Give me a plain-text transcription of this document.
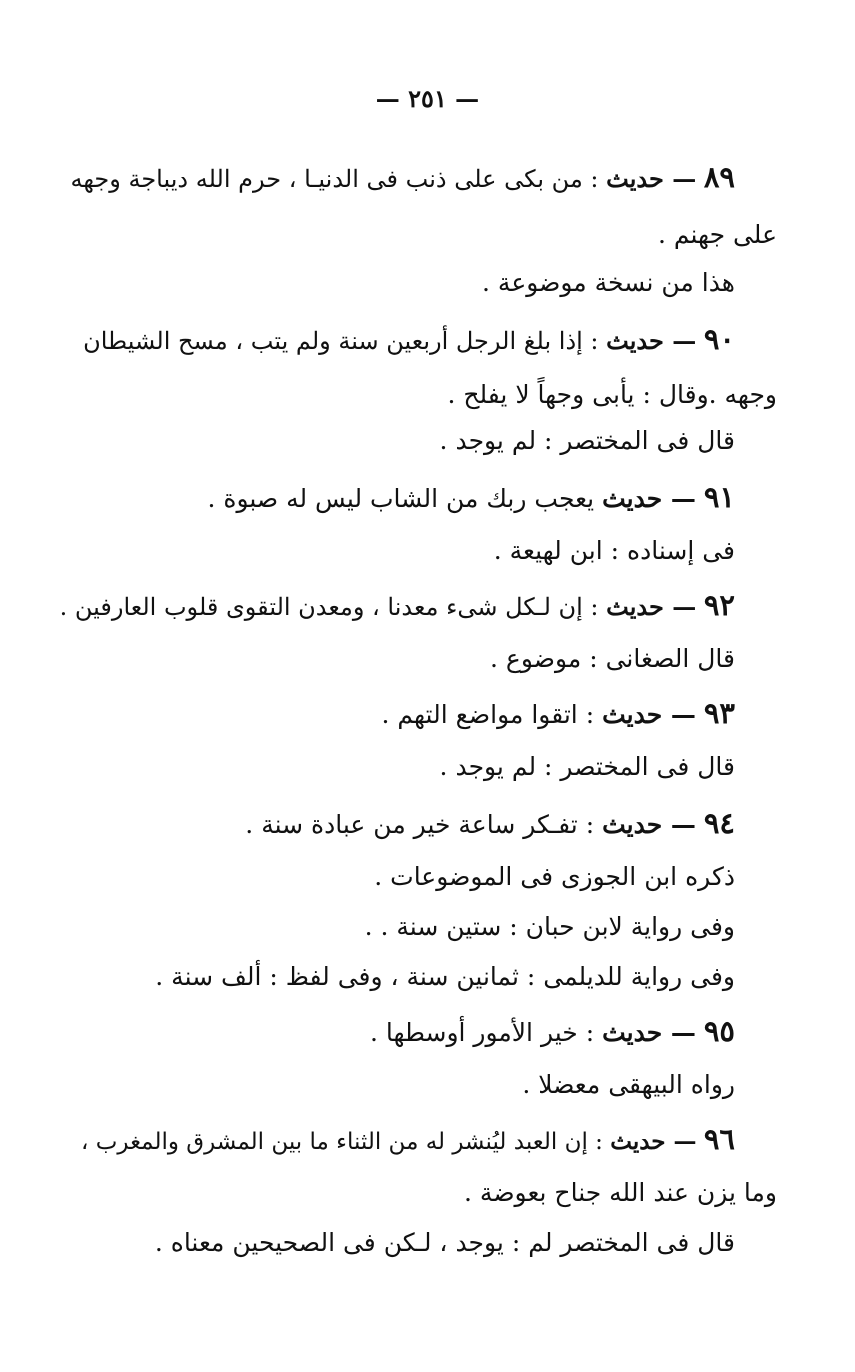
— ٢٥١ —
٨٩ — حديث : من بكى على ذنب فى الدنيـا ، حرم الله ديباجة وجهه
على جهنم .
هذا من نسخة موضوعة .
٩٠ — حديث : إذا بلغ الرجل أربعين سنة ولم يتب ، مسح الشيطان
وجهه .وقال : يأبى وجهاً لا يفلح .
قال فى المختصر : لم يوجد .
٩١ — حديث يعجب ربك من الشاب ليس له صبوة .
فى إسناده : ابن لهيعة .
٩٢ — حديث : إن لـكل شىء معدنا ، ومعدن التقوى قلوب العارفين .
قال الصغانى : موضوع .
٩٣ — حديث : اتقوا مواضع التهم .
قال فى المختصر : لم يوجد .
٩٤ — حديث : تفـكر ساعة خير من عبادة سنة .
ذكره ابن الجوزى فى الموضوعات .
وفى رواية لابن حبان : ستين سنة . .
وفى رواية للديلمى : ثمانين سنة ، وفى لفظ : ألف سنة .
٩٥ — حديث : خير الأمور أوسطها .
رواه البيهقى معضلا .
٩٦ — حديث : إن العبد ليُنشر له من الثناء ما بين المشرق والمغرب ،
وما يزن عند الله جناح بعوضة .
قال فى المختصر لم : يوجد ، لـكن فى الصحيحين معناه .
